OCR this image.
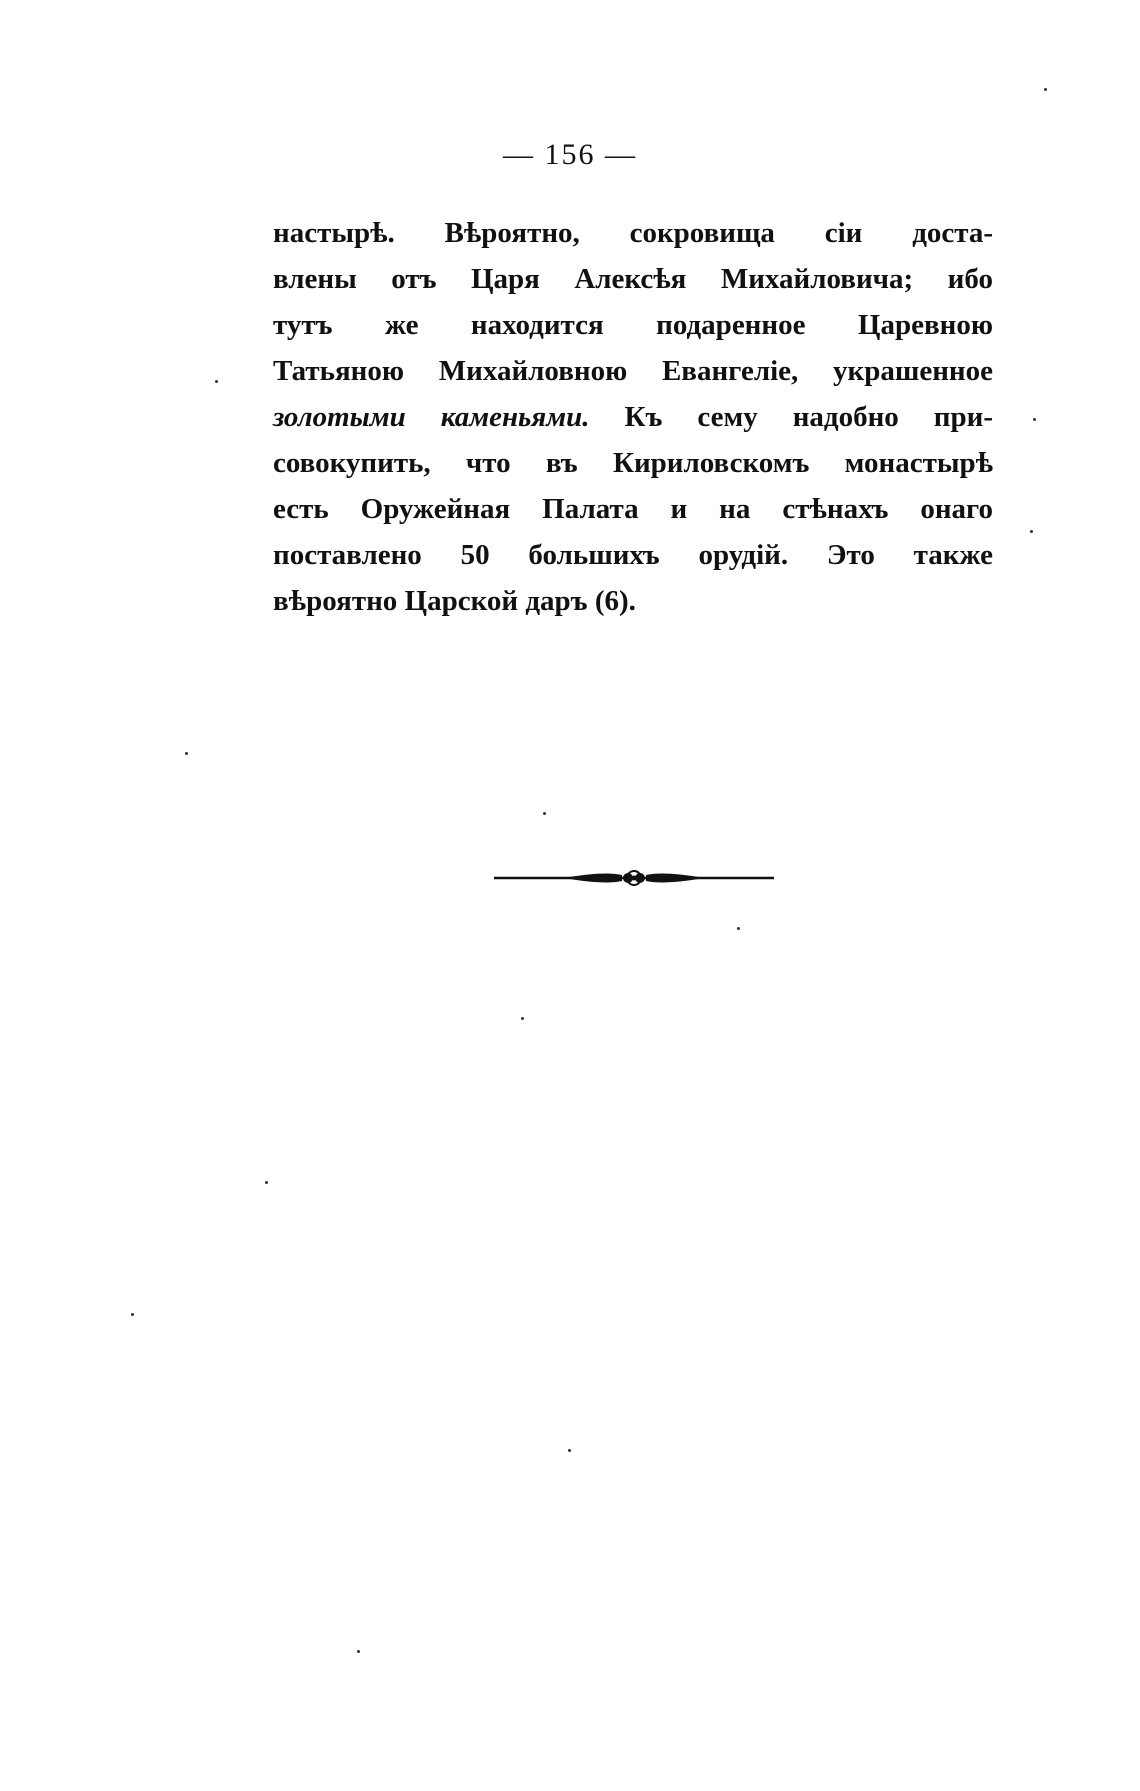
— 156 —
настырѣ. Вѣроятно, сокровища сіи доста-
влены отъ Царя Алексѣя Михайловича; ибо
тутъ же находится подаренное Царевною
Татьяною Михайловною Евангеліе, украшенное
золотыми каменьями. Къ сему надобно при-
совокупить, что въ Кириловскомъ монастырѣ
есть Оружейная Палата и на стѣнахъ онаго
поставлено 50 большихъ орудій. Это также
вѣроятно Царской даръ (6).
